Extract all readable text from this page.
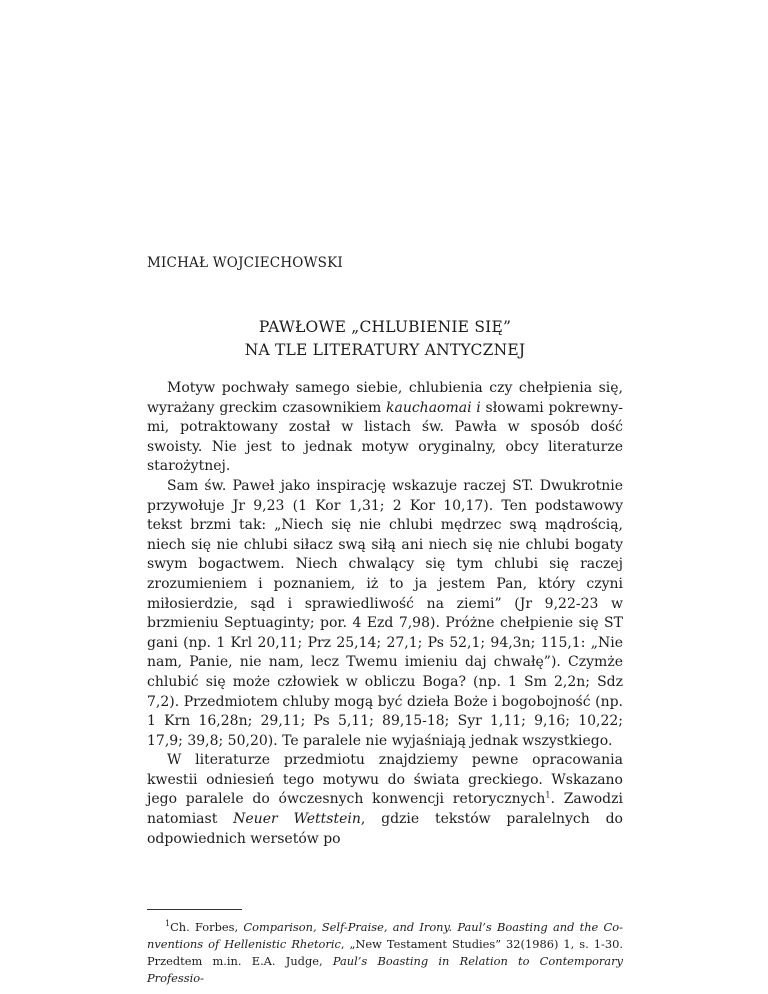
MICHAŁ WOJCIECHOWSKI
PAWŁOWE „CHLUBIENIE SIĘ”
NA TLE LITERATURY ANTYCZNEJ

Motyw pochwały samego siebie, chlubienia czy chełpienia się, wyrażany greckim czasownikiem kauchaomai i słowami pokrewnymi, potraktowany został w listach św. Pawła w sposób dość swoisty. Nie jest to jednak motyw oryginalny, obcy literaturze starożytnej.

Sam św. Paweł jako inspirację wskazuje raczej ST. Dwukrotnie przywołuje Jr 9,23 (1 Kor 1,31; 2 Kor 10,17). Ten podstawowy tekst brzmi tak: „Niech się nie chlubi mędrzec swą mądrością, niech się nie chlubi siłacz swą siłą ani niech się nie chlubi bogaty swym bogactwem. Niech chwalący się tym chlubi się raczej zrozumieniem i poznaniem, iż to ja jestem Pan, który czyni miłosierdzie, sąd i sprawiedliwość na ziemi” (Jr 9,22-23 w brzmieniu Septuaginty; por. 4 Ezd 7,98). Próżne chełpienie się ST gani (np. 1 Krl 20,11; Prz 25,14; 27,1; Ps 52,1; 94,3n; 115,1: „Nie nam, Panie, nie nam, lecz Twemu imieniu daj chwałę”). Czymże chlubić się może człowiek w obliczu Boga? (np. 1 Sm 2,2n; Sdz 7,2). Przedmiotem chluby mogą być dzieła Boże i bogobojność (np. 1 Krn 16,28n; 29,11; Ps 5,11; 89,15-18; Syr 1,11; 9,16; 10,22; 17,9; 39,8; 50,20). Te paralele nie wyjaśniają jednak wszystkiego.

W literaturze przedmiotu znajdziemy pewne opracowania kwestii odniesień tego motywu do świata greckiego. Wskazano jego paralele do ówczesnych konwencji retorycznych$^1$. Zawodzi natomiast Neuer Wettstein, gdzie tekstów paralelnych do odpowiednich wersetów po

$^1$Ch. Forbes, Comparison, Self-Praise, and Irony. Paul’s Boasting and the Conventions of Hellenistic Rhetoric, „New Testament Studies” 32(1986) 1, s. 1-30. Przedtem m.in. E.A. Judge, Paul’s Boasting in Relation to Contemporary Professio-
